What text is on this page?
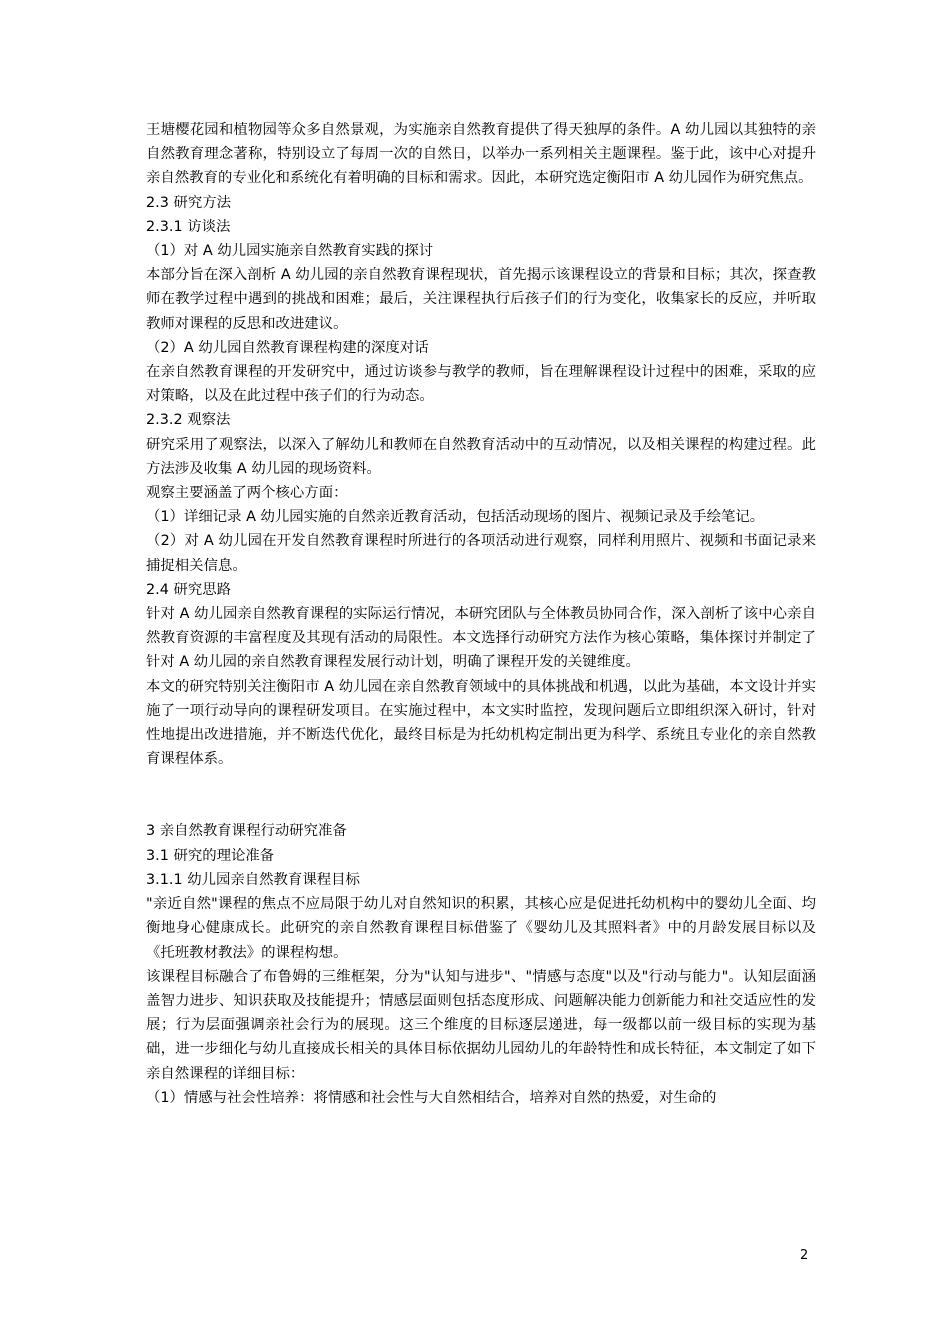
王塘樱花园和植物园等众多自然景观，为实施亲自然教育提供了得天独厚的条件。A 幼儿园以其独特的亲自然教育理念著称，特别设立了每周一次的自然日，以举办一系列相关主题课程。鉴于此，该中心对提升亲自然教育的专业化和系统化有着明确的目标和需求。因此，本研究选定衡阳市 A 幼儿园作为研究焦点。

2.3 研究方法
2.3.1 访谈法

（1）对 A 幼儿园实施亲自然教育实践的探讨

本部分旨在深入剖析 A 幼儿园的亲自然教育课程现状，首先揭示该课程设立的背景和目标；其次，探查教师在教学过程中遇到的挑战和困难；最后，关注课程执行后孩子们的行为变化，收集家长的反应，并听取教师对课程的反思和改进建议。

（2）A 幼儿园自然教育课程构建的深度对话

在亲自然教育课程的开发研究中，通过访谈参与教学的教师，旨在理解课程设计过程中的困难，采取的应对策略，以及在此过程中孩子们的行为动态。

2.3.2 观察法

研究采用了观察法，以深入了解幼儿和教师在自然教育活动中的互动情况，以及相关课程的构建过程。此方法涉及收集 A 幼儿园的现场资料。

观察主要涵盖了两个核心方面：

（1）详细记录 A 幼儿园实施的自然亲近教育活动，包括活动现场的图片、视频记录及手绘笔记。

（2）对 A 幼儿园在开发自然教育课程时所进行的各项活动进行观察，同样利用照片、视频和书面记录来捕捉相关信息。

2.4 研究思路

针对 A 幼儿园亲自然教育课程的实际运行情况，本研究团队与全体教员协同合作，深入剖析了该中心亲自然教育资源的丰富程度及其现有活动的局限性。本文选择行动研究方法作为核心策略，集体探讨并制定了针对 A 幼儿园的亲自然教育课程发展行动计划，明确了课程开发的关键维度。

本文的研究特别关注衡阳市 A 幼儿园在亲自然教育领域中的具体挑战和机遇，以此为基础，本文设计并实施了一项行动导向的课程研发项目。在实施过程中，本文实时监控，发现问题后立即组织深入研讨，针对性地提出改进措施，并不断迭代优化，最终目标是为托幼机构定制出更为科学、系统且专业化的亲自然教育课程体系。

3 亲自然教育课程行动研究准备
3.1 研究的理论准备
3.1.1 幼儿园亲自然教育课程目标

"亲近自然"课程的焦点不应局限于幼儿对自然知识的积累，其核心应是促进托幼机构中的婴幼儿全面、均衡地身心健康成长。此研究的亲自然教育课程目标借鉴了《婴幼儿及其照料者》中的月龄发展目标以及《托班教材教法》的课程构想。

该课程目标融合了布鲁姆的三维框架，分为"认知与进步"、"情感与态度"以及"行动与能力"。认知层面涵盖智力进步、知识获取及技能提升；情感层面则包括态度形成、问题解决能力创新能力和社交适应性的发展；行为层面强调亲社会行为的展现。这三个维度的目标逐层递进，每一级都以前一级目标的实现为基础，进一步细化与幼儿直接成长相关的具体目标依据幼儿园幼儿的年龄特性和成长特征，本文制定了如下亲自然课程的详细目标：

（1）情感与社会性培养：将情感和社会性与大自然相结合，培养对自然的热爱，对生命的

2
